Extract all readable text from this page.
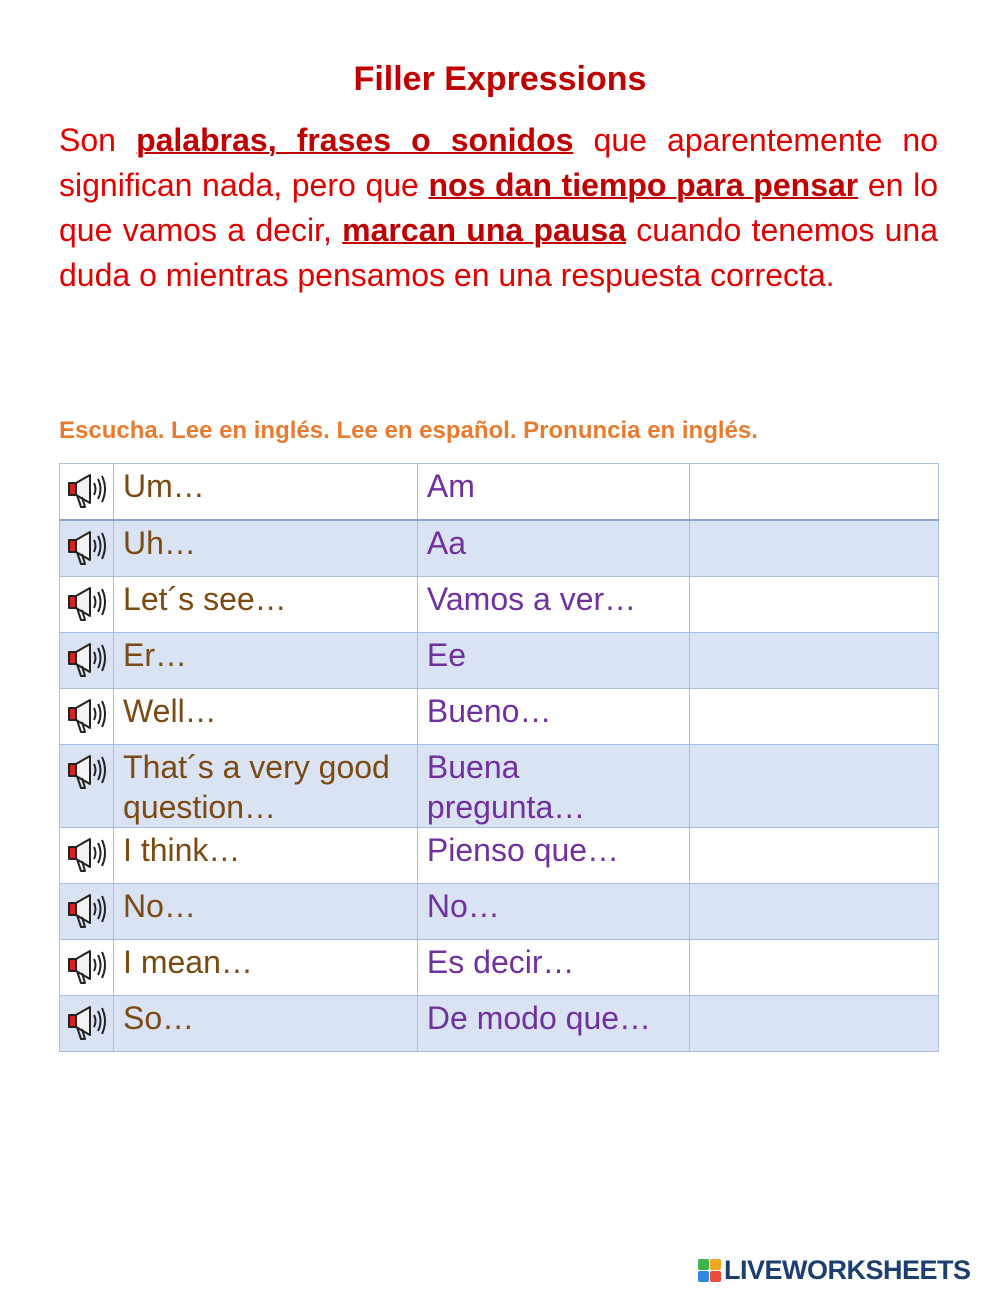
Filler Expressions

Son palabras, frases o sonidos que aparentemente no significan nada, pero que nos dan tiempo para pensar en lo que vamos a decir, marcan una pausa cuando tenemos una duda o mientras pensamos en una respuesta correcta.

Escucha. Lee en inglés. Lee en español. Pronuncia en inglés.

Um…	Am	

Uh…	Aa	

Let´s see…	Vamos a ver…	

Er…	Ee	

Well…	Bueno…	

That´s a very good question…	Buena pregunta…	

I think…	Pienso que…	

No…	No…	

I mean…	Es decir…	

So…	De modo que…	

LIVEWORKSHEETS
